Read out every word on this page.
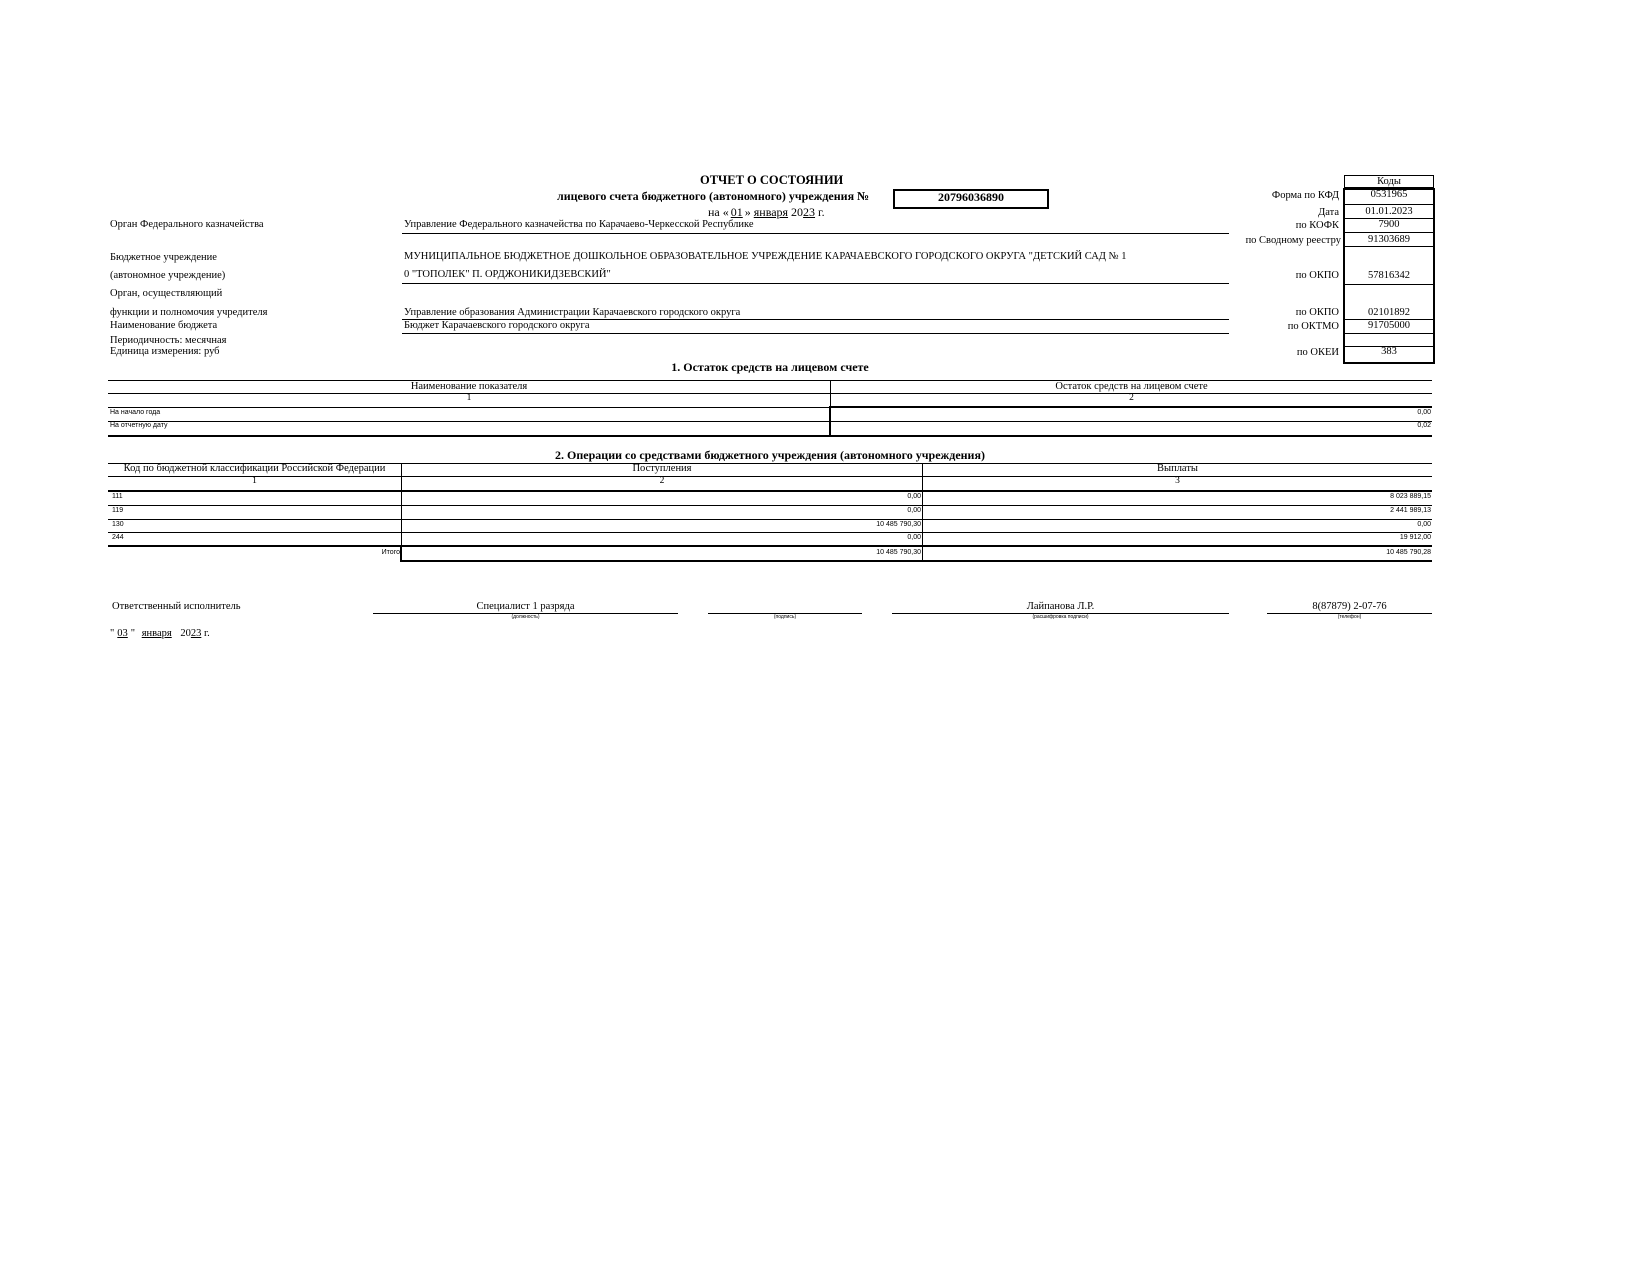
ОТЧЕТ О СОСТОЯНИИ
лицевого счета бюджетного (автономного) учреждения №	20796036890
на « 01 » января 2023 г.
Коды
Форма по КФД	0531965
Дата	01.01.2023
по КОФК	7900
по Сводному реестру	91303689
по ОКПО	57816342
по ОКПО	02101892
по ОКТМО	91705000
по ОКЕИ	383
Орган Федерального казначейства	Управление Федерального казначейства по Карачаево-Черкесской Республике
Бюджетное учреждение	МУНИЦИПАЛЬНОЕ БЮДЖЕТНОЕ ДОШКОЛЬНОЕ ОБРАЗОВАТЕЛЬНОЕ УЧРЕЖДЕНИЕ КАРАЧАЕВСКОГО ГОРОДСКОГО ОКРУГА "ДЕТСКИЙ САД № 1
(автономное учреждение)	0 "ТОПОЛЕК" П. ОРДЖОНИКИДЗЕВСКИЙ"
Орган, осуществляющий
функции и полномочия учредителя	Управление образования Администрации Карачаевского городского округа
Наименование бюджета	Бюджет Карачаевского городского округа
Периодичность: месячная
Единица измерения: руб
1. Остаток средств на лицевом счете
Наименование показателя	Остаток средств на лицевом счете
1	2
На начало года	0,00
На отчетную дату	0,02
2. Операции со средствами бюджетного учреждения (автономного учреждения)
Код по бюджетной классификации Российской Федерации	Поступления	Выплаты
1	2	3
111	0,00	8 023 889,15
119	0,00	2 441 989,13
130	10 485 790,30	0,00
244	0,00	19 912,00
Итого	10 485 790,30	10 485 790,28
Ответственный исполнитель	Специалист 1 разряда
(должность)	(подпись)
Лайпанова Л.Р.
(расшифровка подписи)
8(87879) 2-07-76
(телефон)
" 03 " января 2023 г.
